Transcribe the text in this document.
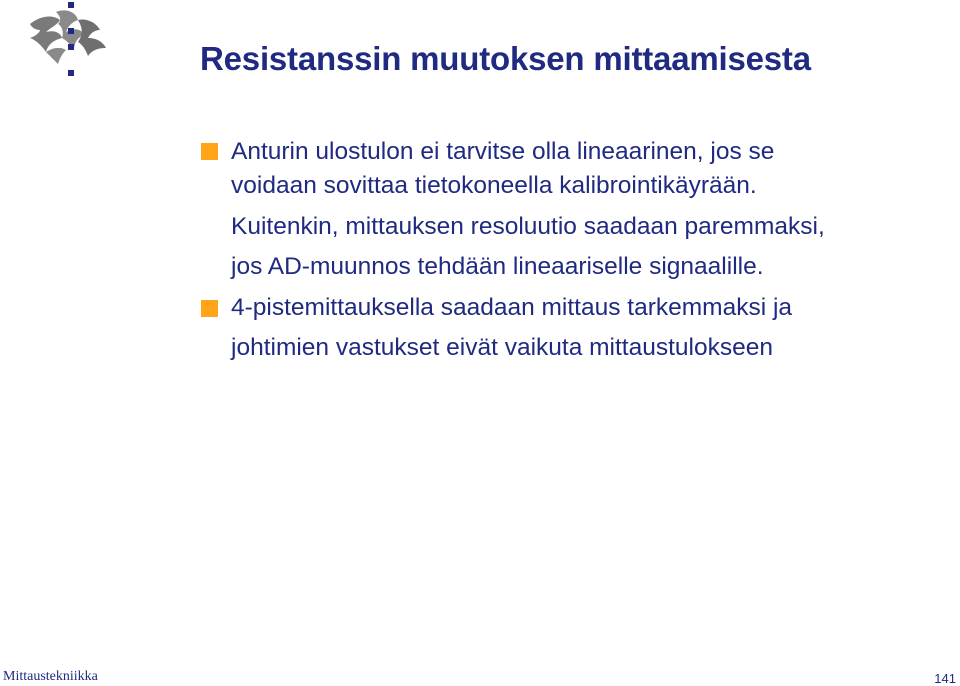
Resistanssin muutoksen mittaamisesta
Anturin ulostulon ei tarvitse olla lineaarinen, jos se
voidaan sovittaa tietokoneella kalibrointikäyrään.
Kuitenkin, mittauksen resoluutio saadaan paremmaksi,
jos AD-muunnos tehdään lineaariselle signaalille.
4-pistemittauksella saadaan mittaus tarkemmaksi ja
johtimien vastukset eivät vaikuta mittaustulokseen
Mittaustekniikka	141
